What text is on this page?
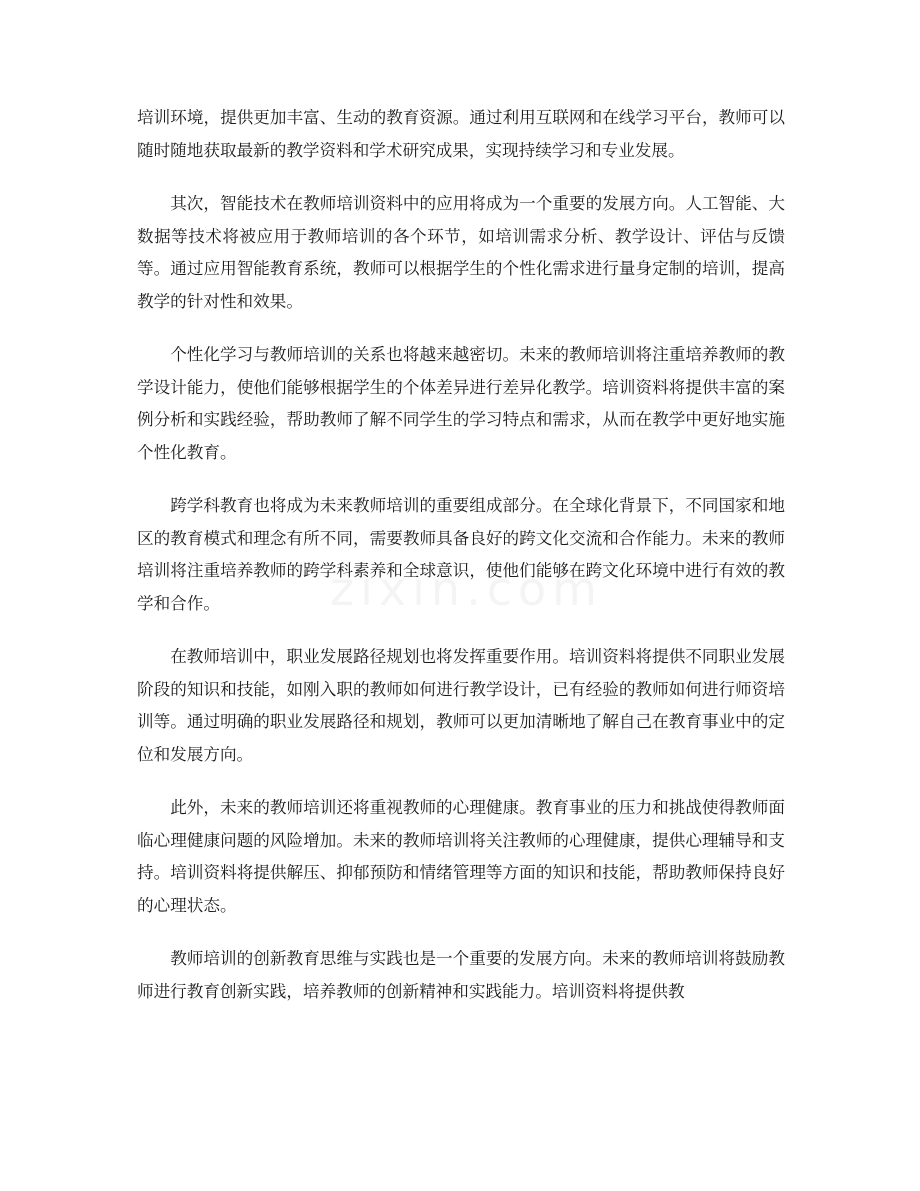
培训环境，提供更加丰富、生动的教育资源。通过利用互联网和在线学习平台，教师可以随时随地获取最新的教学资料和学术研究成果，实现持续学习和专业发展。

其次，智能技术在教师培训资料中的应用将成为一个重要的发展方向。人工智能、大数据等技术将被应用于教师培训的各个环节，如培训需求分析、教学设计、评估与反馈等。通过应用智能教育系统，教师可以根据学生的个性化需求进行量身定制的培训，提高教学的针对性和效果。

个性化学习与教师培训的关系也将越来越密切。未来的教师培训将注重培养教师的教学设计能力，使他们能够根据学生的个体差异进行差异化教学。培训资料将提供丰富的案例分析和实践经验，帮助教师了解不同学生的学习特点和需求，从而在教学中更好地实施个性化教育。

跨学科教育也将成为未来教师培训的重要组成部分。在全球化背景下，不同国家和地区的教育模式和理念有所不同，需要教师具备良好的跨文化交流和合作能力。未来的教师培训将注重培养教师的跨学科素养和全球意识，使他们能够在跨文化环境中进行有效的教学和合作。

在教师培训中，职业发展路径规划也将发挥重要作用。培训资料将提供不同职业发展阶段的知识和技能，如刚入职的教师如何进行教学设计，已有经验的教师如何进行师资培训等。通过明确的职业发展路径和规划，教师可以更加清晰地了解自己在教育事业中的定位和发展方向。

此外，未来的教师培训还将重视教师的心理健康。教育事业的压力和挑战使得教师面临心理健康问题的风险增加。未来的教师培训将关注教师的心理健康，提供心理辅导和支持。培训资料将提供解压、抑郁预防和情绪管理等方面的知识和技能，帮助教师保持良好的心理状态。

教师培训的创新教育思维与实践也是一个重要的发展方向。未来的教师培训将鼓励教师进行教育创新实践，培养教师的创新精神和实践能力。培训资料将提供教
